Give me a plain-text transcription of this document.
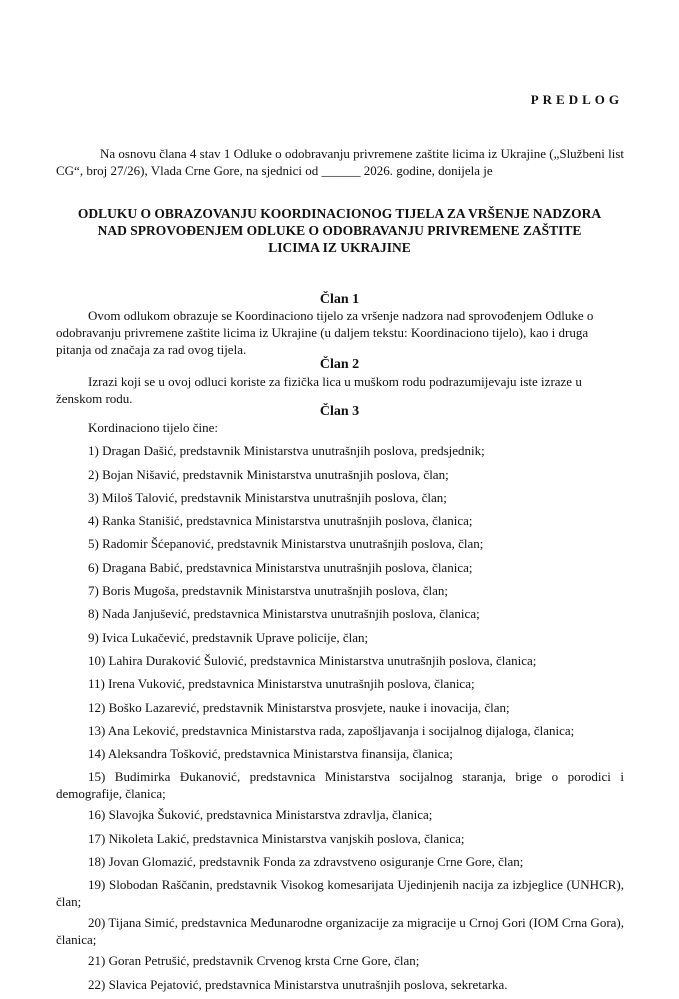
PREDLOG

Na osnovu člana 4 stav 1 Odluke o odobravanju privremene zaštite licima iz Ukrajine („Službeni list CG“, broj 27/26), Vlada Crne Gore, na sjednici od ______ 2026. godine, donijela je

ODLUKU O OBRAZOVANJU KOORDINACIONOG TIJELA ZA VRŠENJE NADZORA NAD SPROVOĐENJEM ODLUKE O ODOBRAVANJU PRIVREMENE ZAŠTITE LICIMA IZ UKRAJINE
Član 1

Ovom odlukom obrazuje se Koordinaciono tijelo za vršenje nadzora nad sprovođenjem Odluke o odobravanju privremene zaštite licima iz Ukrajine (u daljem tekstu: Koordinaciono tijelo), kao i druga pitanja od značaja za rad ovog tijela.

Član 2

Izrazi koji se u ovoj odluci koriste za fizička lica u muškom rodu podrazumijevaju iste izraze u ženskom rodu.

Član 3
Kordinaciono tijelo čine:
1) Dragan Dašić, predstavnik Ministarstva unutrašnjih poslova, predsjednik;
2) Bojan Nišavić, predstavnik Ministarstva unutrašnjih poslova, član;
3) Miloš Talović, predstavnik Ministarstva unutrašnjih poslova, član;
4) Ranka Stanišić, predstavnica Ministarstva unutrašnjih poslova, članica;
5) Radomir Šćepanović, predstavnik Ministarstva unutrašnjih poslova, član;
6) Dragana Babić, predstavnica Ministarstva unutrašnjih poslova, članica;
7) Boris Mugoša, predstavnik Ministarstva unutrašnjih poslova, član;
8) Nada Janjušević, predstavnica Ministarstva unutrašnjih poslova, članica;
9) Ivica Lukačević, predstavnik Uprave policije, član;
10) Lahira Duraković Šulović, predstavnica Ministarstva unutrašnjih poslova, članica;
11) Irena Vuković, predstavnica Ministarstva unutrašnjih poslova, članica;
12) Boško Lazarević, predstavnik Ministarstva prosvjete, nauke i inovacija, član;
13) Ana Leković, predstavnica Ministarstva rada, zapošljavanja i socijalnog dijaloga, članica;
14) Aleksandra Tošković, predstavnica Ministarstva finansija, članica;
15) Budimirka Đukanović, predstavnica Ministarstva socijalnog staranja, brige o porodici i demografije, članica;
16) Slavojka Šuković, predstavnica Ministarstva zdravlja, članica;
17) Nikoleta Lakić, predstavnica Ministarstva vanjskih poslova, članica;
18) Jovan Glomazić, predstavnik Fonda za zdravstveno osiguranje Crne Gore, član;
19) Slobodan Raščanin, predstavnik Visokog komesarijata Ujedinjenih nacija za izbjeglice (UNHCR), član;
20) Tijana Simić, predstavnica Međunarodne organizacije za migracije u Crnoj Gori (IOM Crna Gora), članica;
21) Goran Petrušić, predstavnik Crvenog krsta Crne Gore, član;
22) Slavica Pejatović, predstavnica Ministarstva unutrašnjih poslova, sekretarka.
